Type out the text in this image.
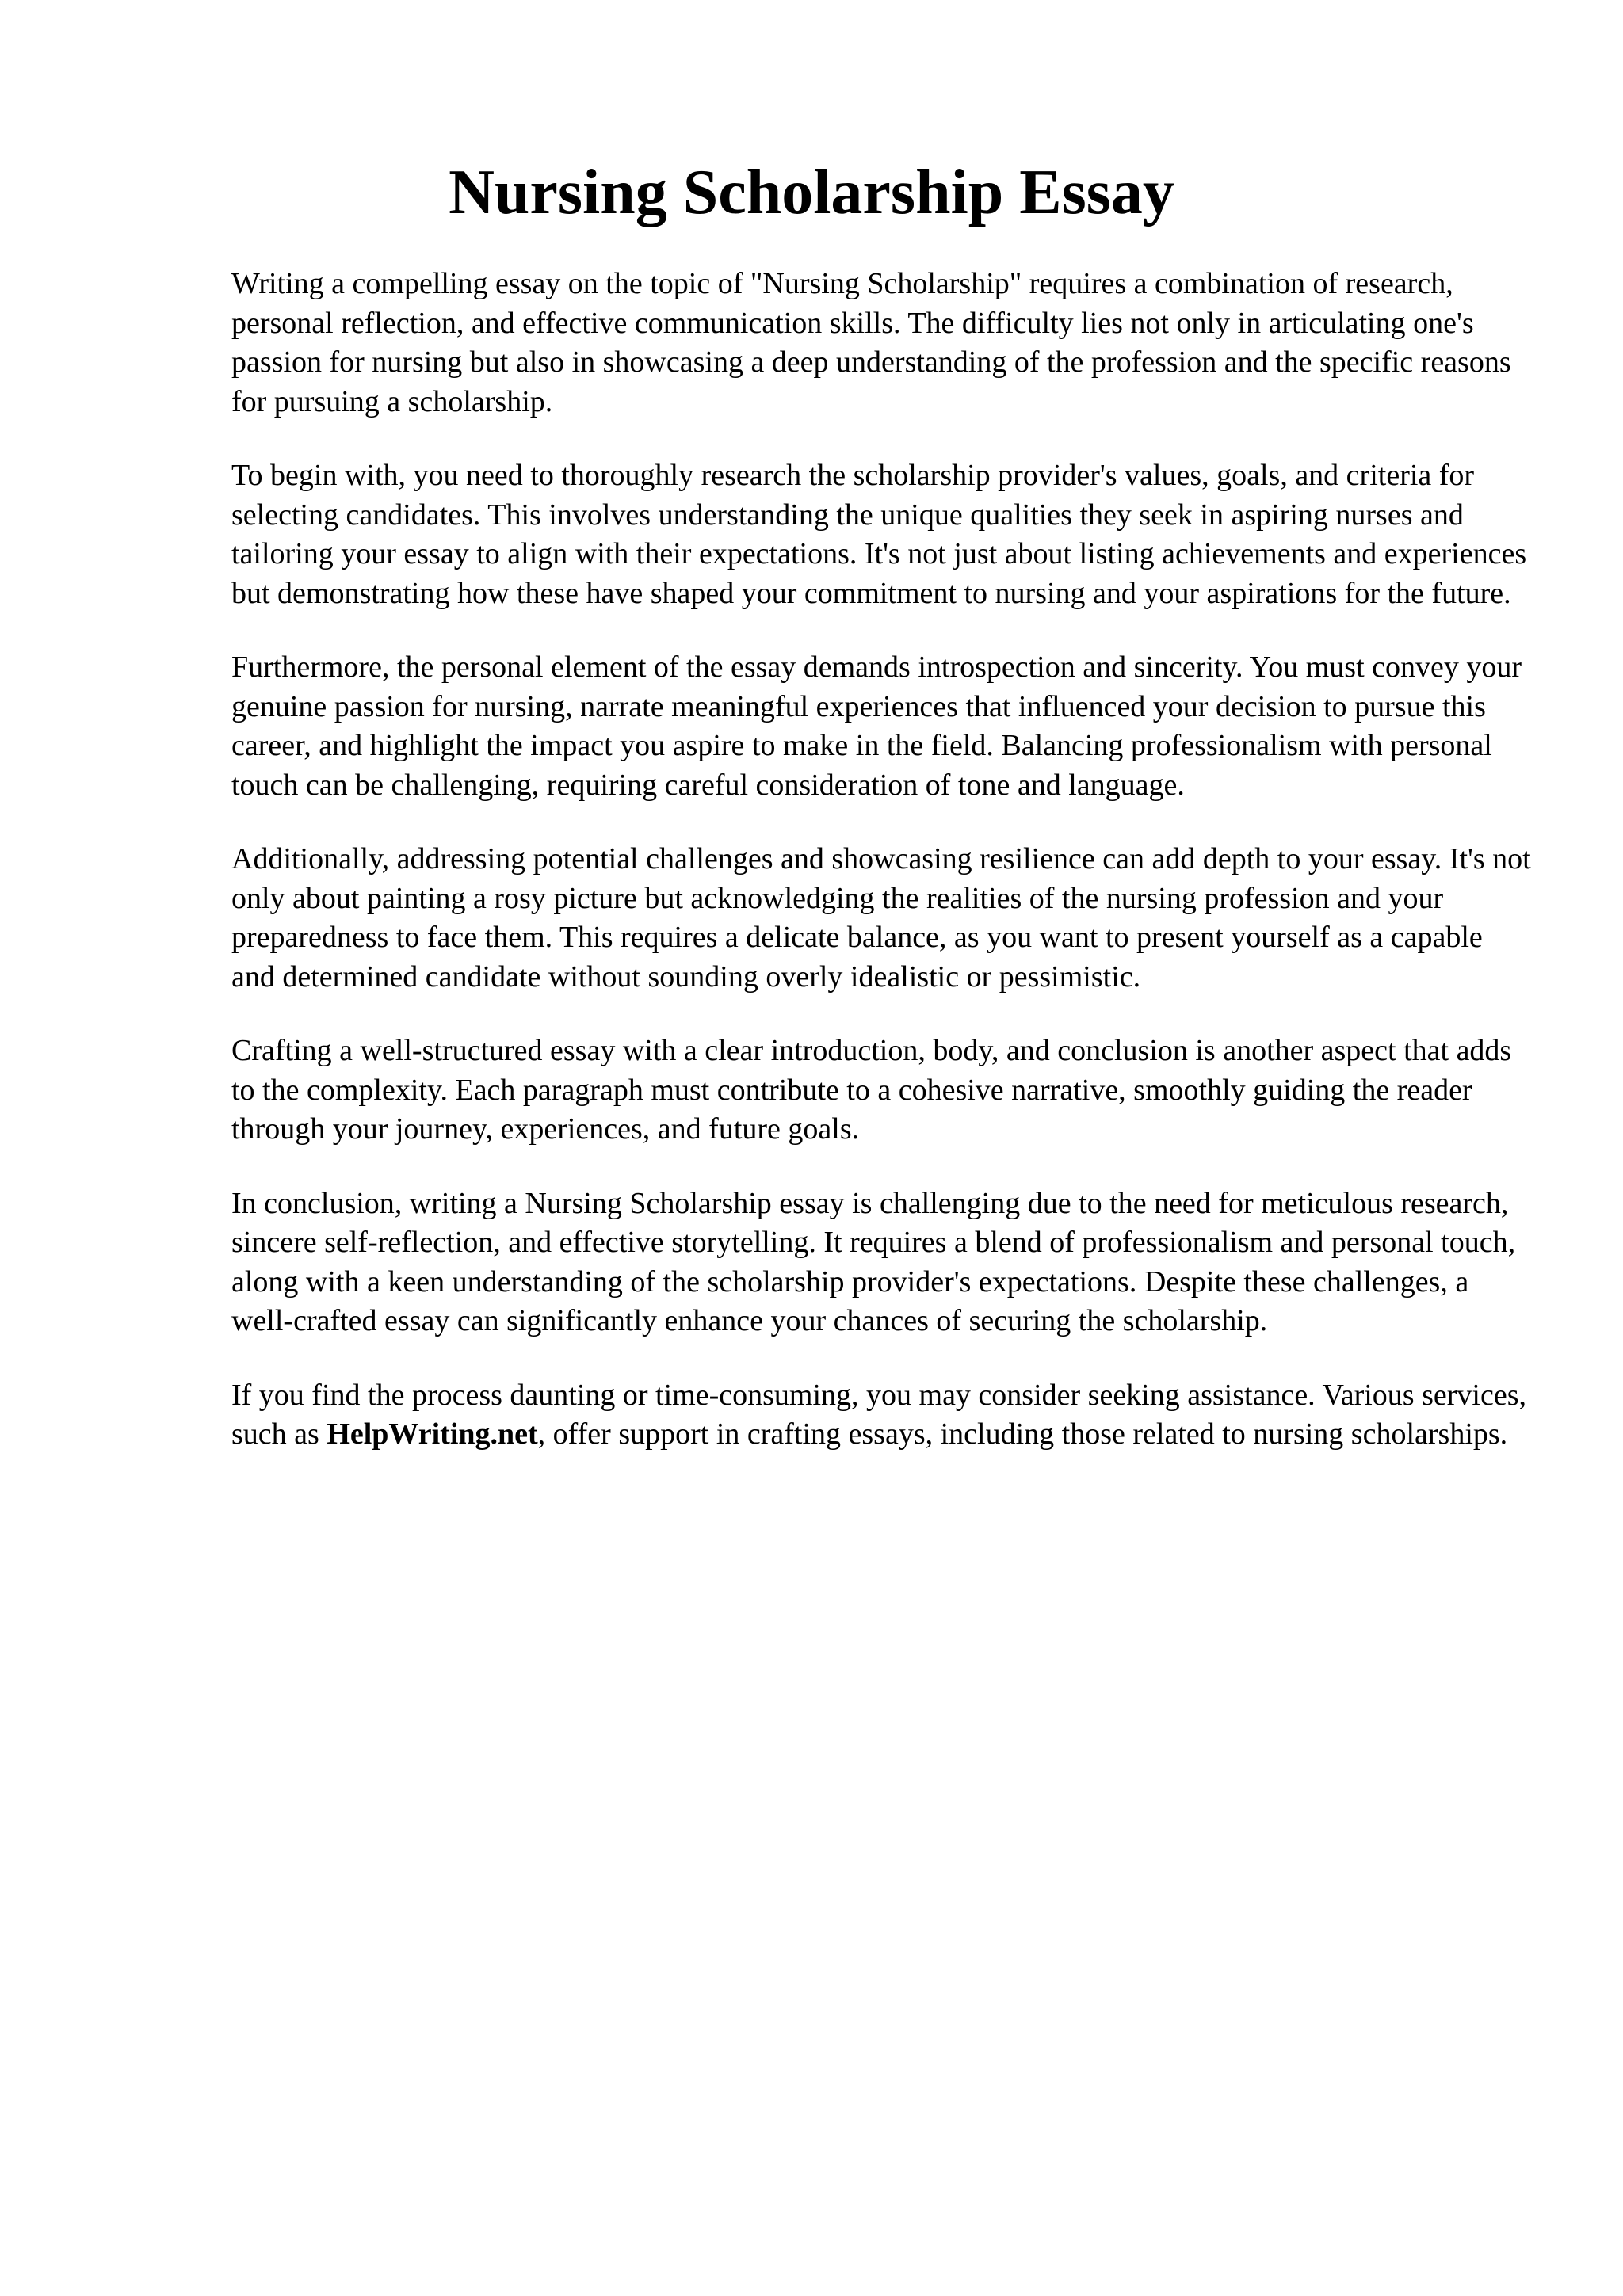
Nursing Scholarship Essay

Writing a compelling essay on the topic of "Nursing Scholarship" requires a combination of research, personal reflection, and effective communication skills. The difficulty lies not only in articulating one's passion for nursing but also in showcasing a deep understanding of the profession and the specific reasons for pursuing a scholarship.

To begin with, you need to thoroughly research the scholarship provider's values, goals, and criteria for selecting candidates. This involves understanding the unique qualities they seek in aspiring nurses and tailoring your essay to align with their expectations. It's not just about listing achievements and experiences but demonstrating how these have shaped your commitment to nursing and your aspirations for the future.

Furthermore, the personal element of the essay demands introspection and sincerity. You must convey your genuine passion for nursing, narrate meaningful experiences that influenced your decision to pursue this career, and highlight the impact you aspire to make in the field. Balancing professionalism with personal touch can be challenging, requiring careful consideration of tone and language.

Additionally, addressing potential challenges and showcasing resilience can add depth to your essay. It's not only about painting a rosy picture but acknowledging the realities of the nursing profession and your preparedness to face them. This requires a delicate balance, as you want to present yourself as a capable and determined candidate without sounding overly idealistic or pessimistic.

Crafting a well-structured essay with a clear introduction, body, and conclusion is another aspect that adds to the complexity. Each paragraph must contribute to a cohesive narrative, smoothly guiding the reader through your journey, experiences, and future goals.

In conclusion, writing a Nursing Scholarship essay is challenging due to the need for meticulous research, sincere self-reflection, and effective storytelling. It requires a blend of professionalism and personal touch, along with a keen understanding of the scholarship provider's expectations. Despite these challenges, a well-crafted essay can significantly enhance your chances of securing the scholarship.

If you find the process daunting or time-consuming, you may consider seeking assistance. Various services, such as HelpWriting.net, offer support in crafting essays, including those related to nursing scholarships.
